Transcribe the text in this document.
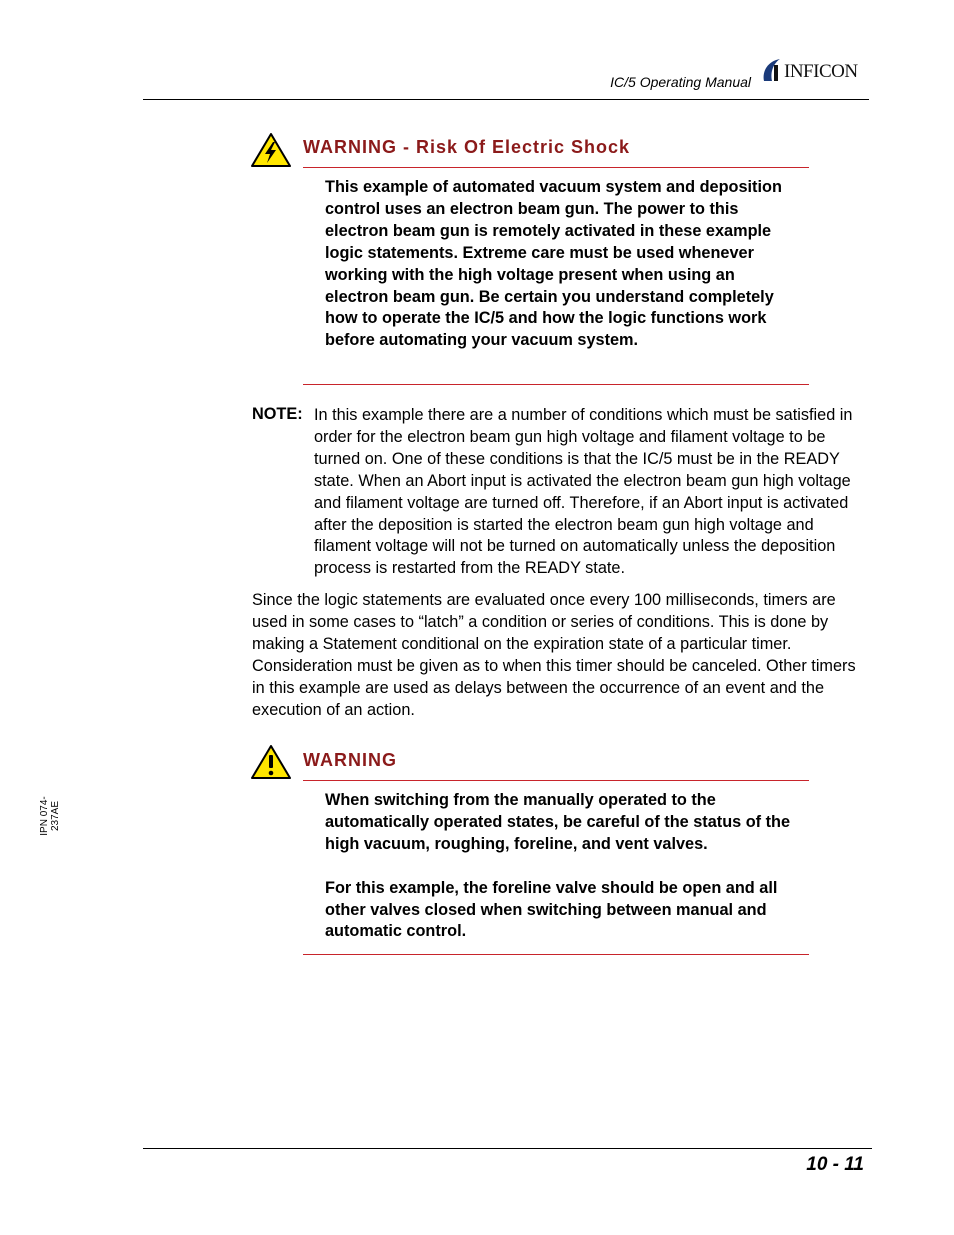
IC/5 Operating Manual INFICON
WARNING - Risk Of Electric Shock
This example of automated vacuum system and deposition control uses an electron beam gun. The power to this electron beam gun is remotely activated in these example logic statements. Extreme care must be used whenever working with the high voltage present when using an electron beam gun. Be certain you understand completely how to operate the IC/5 and how the logic functions work before automating your vacuum system.
NOTE: In this example there are a number of conditions which must be satisfied in order for the electron beam gun high voltage and filament voltage to be turned on. One of these conditions is that the IC/5 must be in the READY state. When an Abort input is activated the electron beam gun high voltage and filament voltage are turned off. Therefore, if an Abort input is activated after the deposition is started the electron beam gun high voltage and filament voltage will not be turned on automatically unless the deposition process is restarted from the READY state.
Since the logic statements are evaluated once every 100 milliseconds, timers are used in some cases to “latch” a condition or series of conditions. This is done by making a Statement conditional on the expiration state of a particular timer. Consideration must be given as to when this timer should be canceled. Other timers in this example are used as delays between the occurrence of an event and the execution of an action.
WARNING

When switching from the manually operated to the automatically operated states, be careful of the status of the high vacuum, roughing, foreline, and vent valves.

For this example, the foreline valve should be open and all other valves closed when switching between manual and automatic control.

IPN 074-237AE
10 - 11
